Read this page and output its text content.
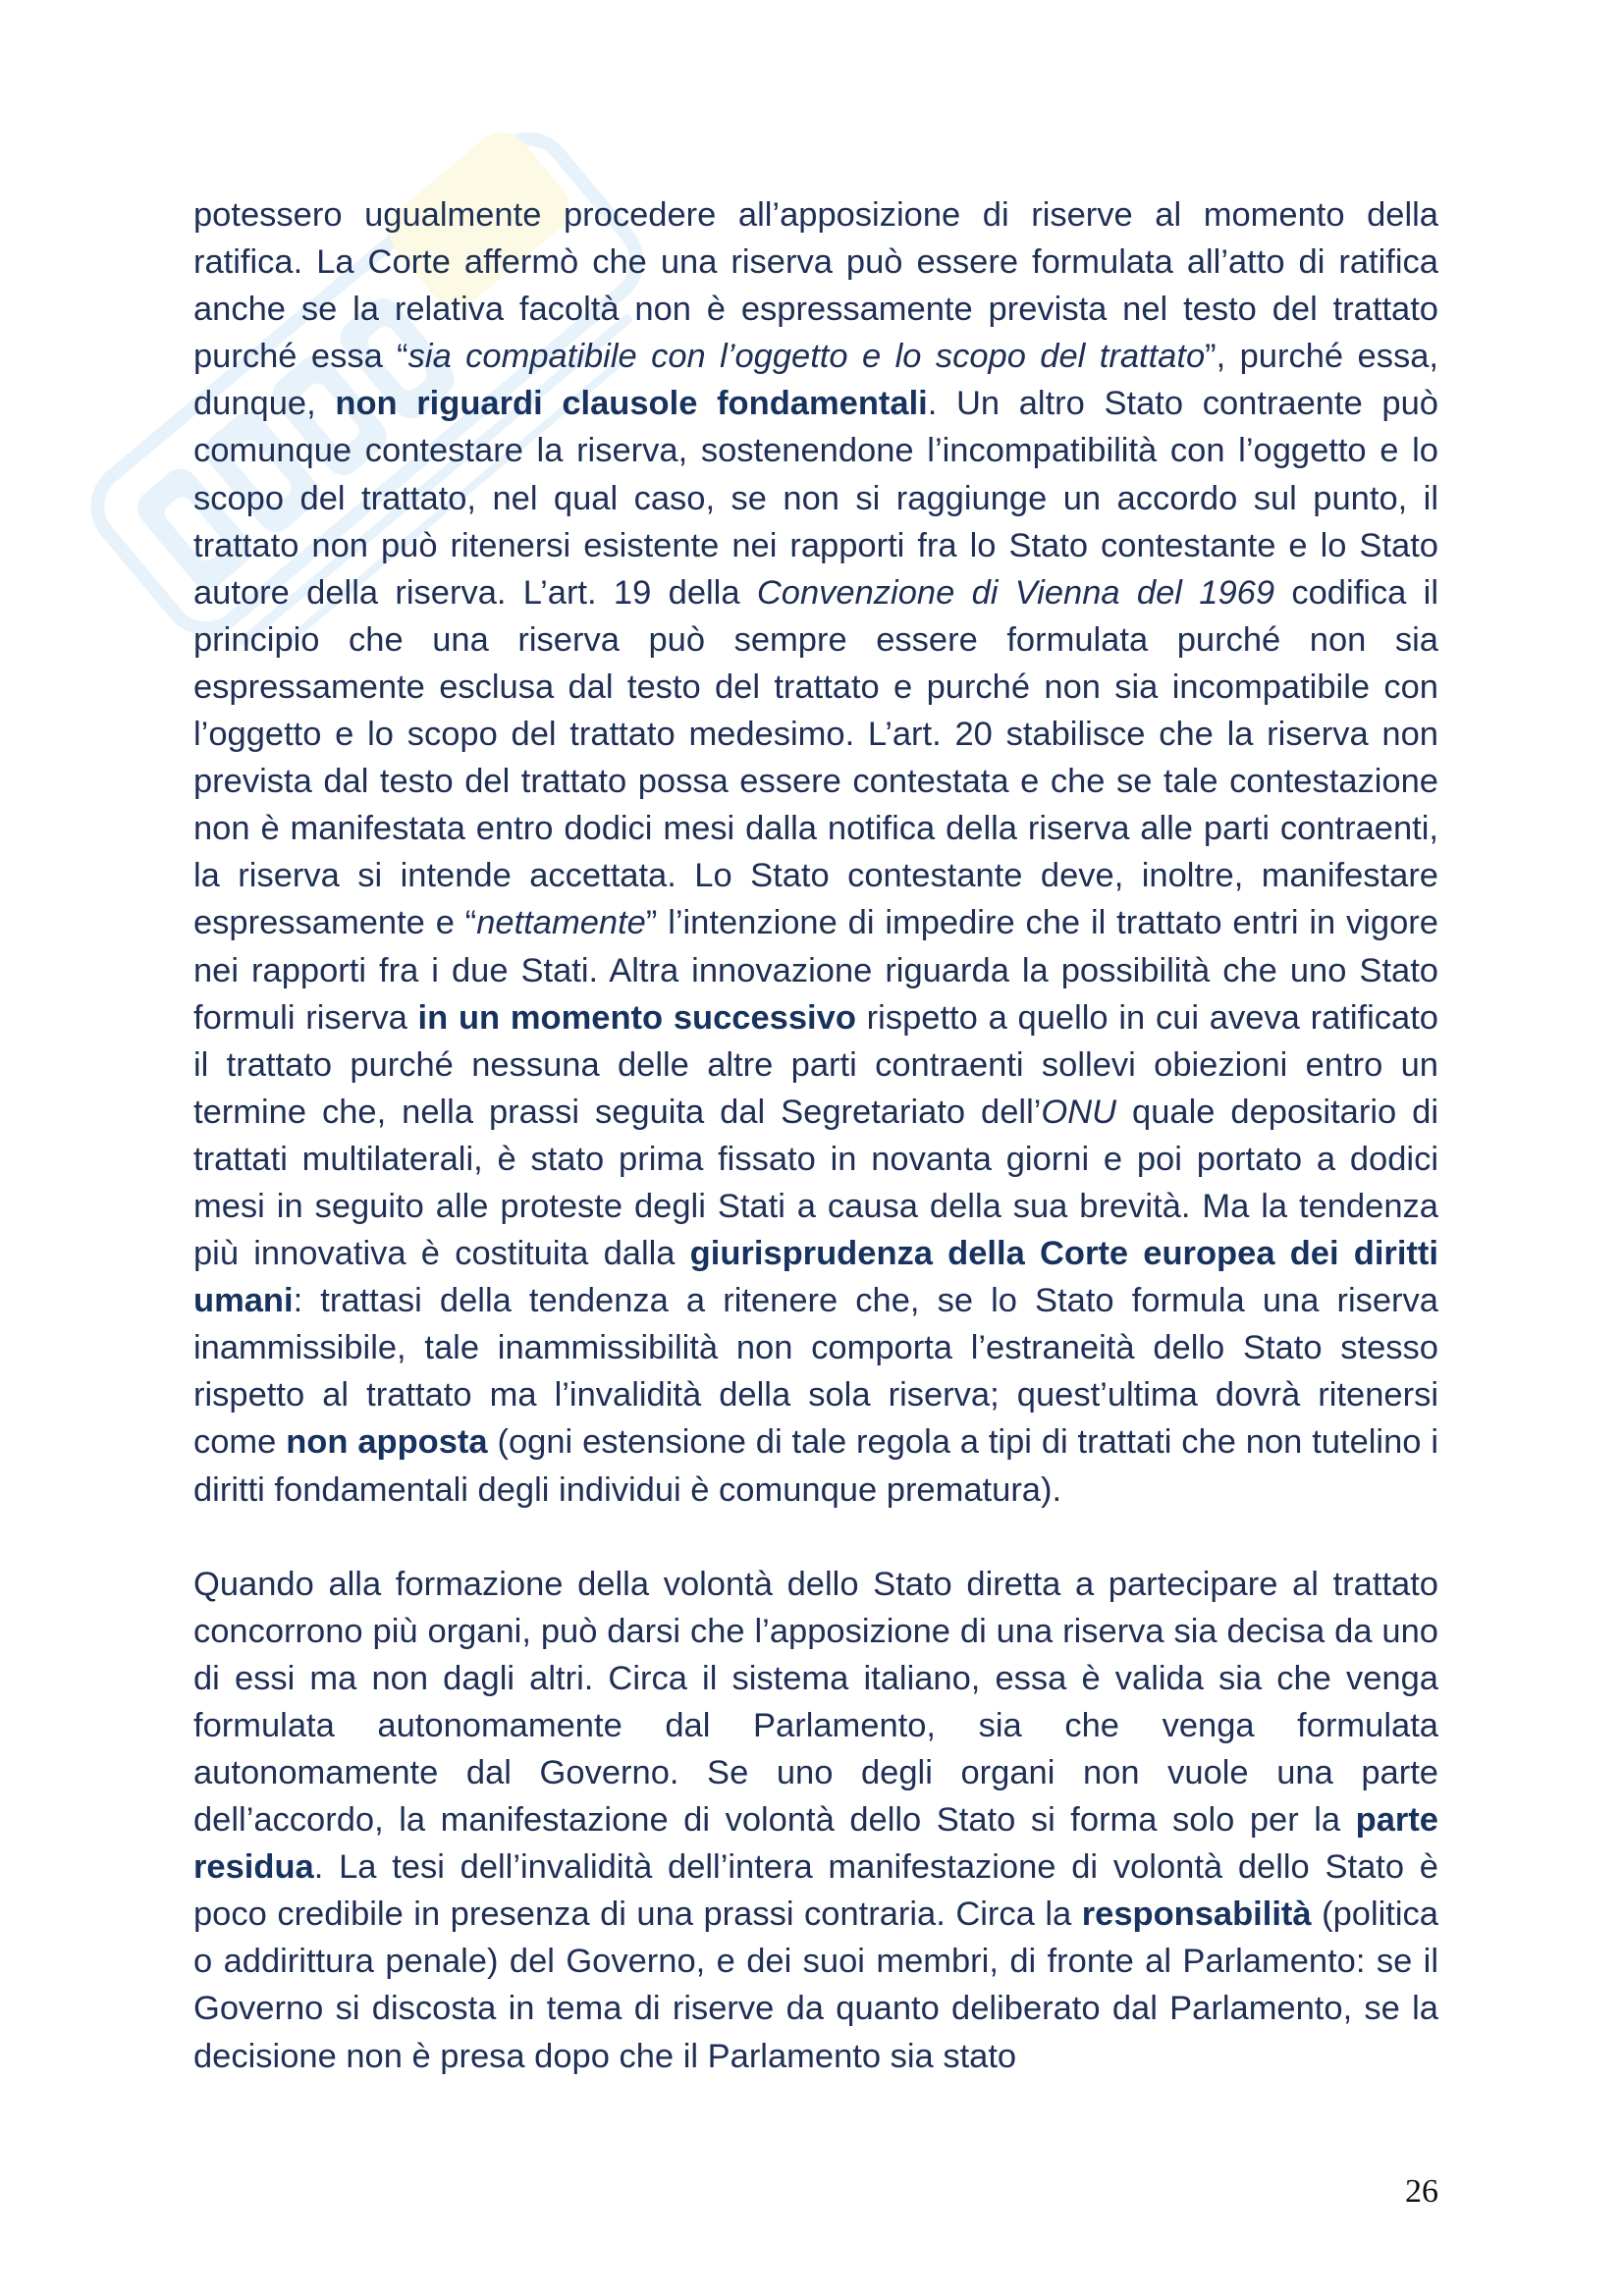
potessero ugualmente procedere all’apposizione di riserve al momento della ratifica. La Corte affermò che una riserva può essere formulata all’atto di ratifica anche se la relativa facoltà non è espressamente prevista nel testo del trattato purché essa “sia compatibile con l’oggetto e lo scopo del trattato”, purché essa, dunque, non riguardi clausole fondamentali. Un altro Stato contraente può comunque contestare la riserva, sostenendone l’incompatibilità con l’oggetto e lo scopo del trattato, nel qual caso, se non si raggiunge un accordo sul punto, il trattato non può ritenersi esistente nei rapporti fra lo Stato contestante e lo Stato autore della riserva. L’art. 19 della Convenzione di Vienna del 1969 codifica il principio che una riserva può sempre essere formulata purché non sia espressamente esclusa dal testo del trattato e purché non sia incompatibile con l’oggetto e lo scopo del trattato medesimo. L’art. 20 stabilisce che la riserva non prevista dal testo del trattato possa essere contestata e che se tale contestazione non è manifestata entro dodici mesi dalla notifica della riserva alle parti contraenti, la riserva si intende accettata. Lo Stato contestante deve, inoltre, manifestare espressamente e “nettamente” l’intenzione di impedire che il trattato entri in vigore nei rapporti fra i due Stati. Altra innovazione riguarda la possibilità che uno Stato formuli riserva in un momento successivo rispetto a quello in cui aveva ratificato il trattato purché nessuna delle altre parti contraenti sollevi obiezioni entro un termine che, nella prassi seguita dal Segretariato dell’ONU quale depositario di trattati multilaterali, è stato prima fissato in novanta giorni e poi portato a dodici mesi in seguito alle proteste degli Stati a causa della sua brevità. Ma la tendenza più innovativa è costituita dalla giurisprudenza della Corte europea dei diritti umani: trattasi della tendenza a ritenere che, se lo Stato formula una riserva inammissibile, tale inammissibilità non comporta l’estraneità dello Stato stesso rispetto al trattato ma l’invalidità della sola riserva; quest’ultima dovrà ritenersi come non apposta (ogni estensione di tale regola a tipi di trattati che non tutelino i diritti fondamentali degli individui è comunque prematura).

Quando alla formazione della volontà dello Stato diretta a partecipare al trattato concorrono più organi, può darsi che l’apposizione di una riserva sia decisa da uno di essi ma non dagli altri. Circa il sistema italiano, essa è valida sia che venga formulata autonomamente dal Parlamento, sia che venga formulata autonomamente dal Governo. Se uno degli organi non vuole una parte dell’accordo, la manifestazione di volontà dello Stato si forma solo per la parte residua. La tesi dell’invalidità dell’intera manifestazione di volontà dello Stato è poco credibile in presenza di una prassi contraria. Circa la responsabilità (politica o addirittura penale) del Governo, e dei suoi membri, di fronte al Parlamento: se il Governo si discosta in tema di riserve da quanto deliberato dal Parlamento, se la decisione non è presa dopo che il Parlamento sia stato

26
